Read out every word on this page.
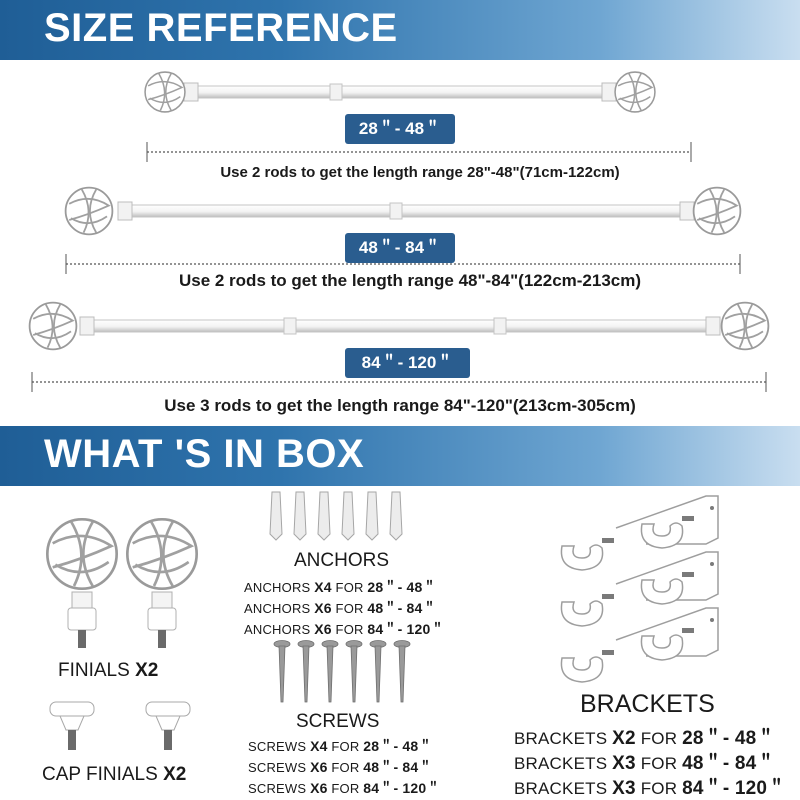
SIZE REFERENCE
28＂- 48＂
Use 2 rods to get the length range 28"-48"(71cm-122cm)
48＂- 84＂
Use 2 rods to get the length range 48"-84"(122cm-213cm)
84＂- 120＂
Use 3 rods to get the length range 84"-120"(213cm-305cm)
WHAT 'S IN BOX
FINIALS X2
CAP FINIALS X2
ANCHORS
ANCHORS X4 FOR 28＂- 48＂
ANCHORS X6 FOR 48＂- 84＂
ANCHORS X6 FOR 84＂- 120＂
SCREWS
SCREWS X4 FOR 28＂- 48＂
SCREWS X6 FOR 48＂- 84＂
SCREWS X6 FOR 84＂- 120＂
BRACKETS
BRACKETS X2 FOR 28＂- 48＂
BRACKETS X3 FOR 48＂- 84＂
BRACKETS X3 FOR 84＂- 120＂
